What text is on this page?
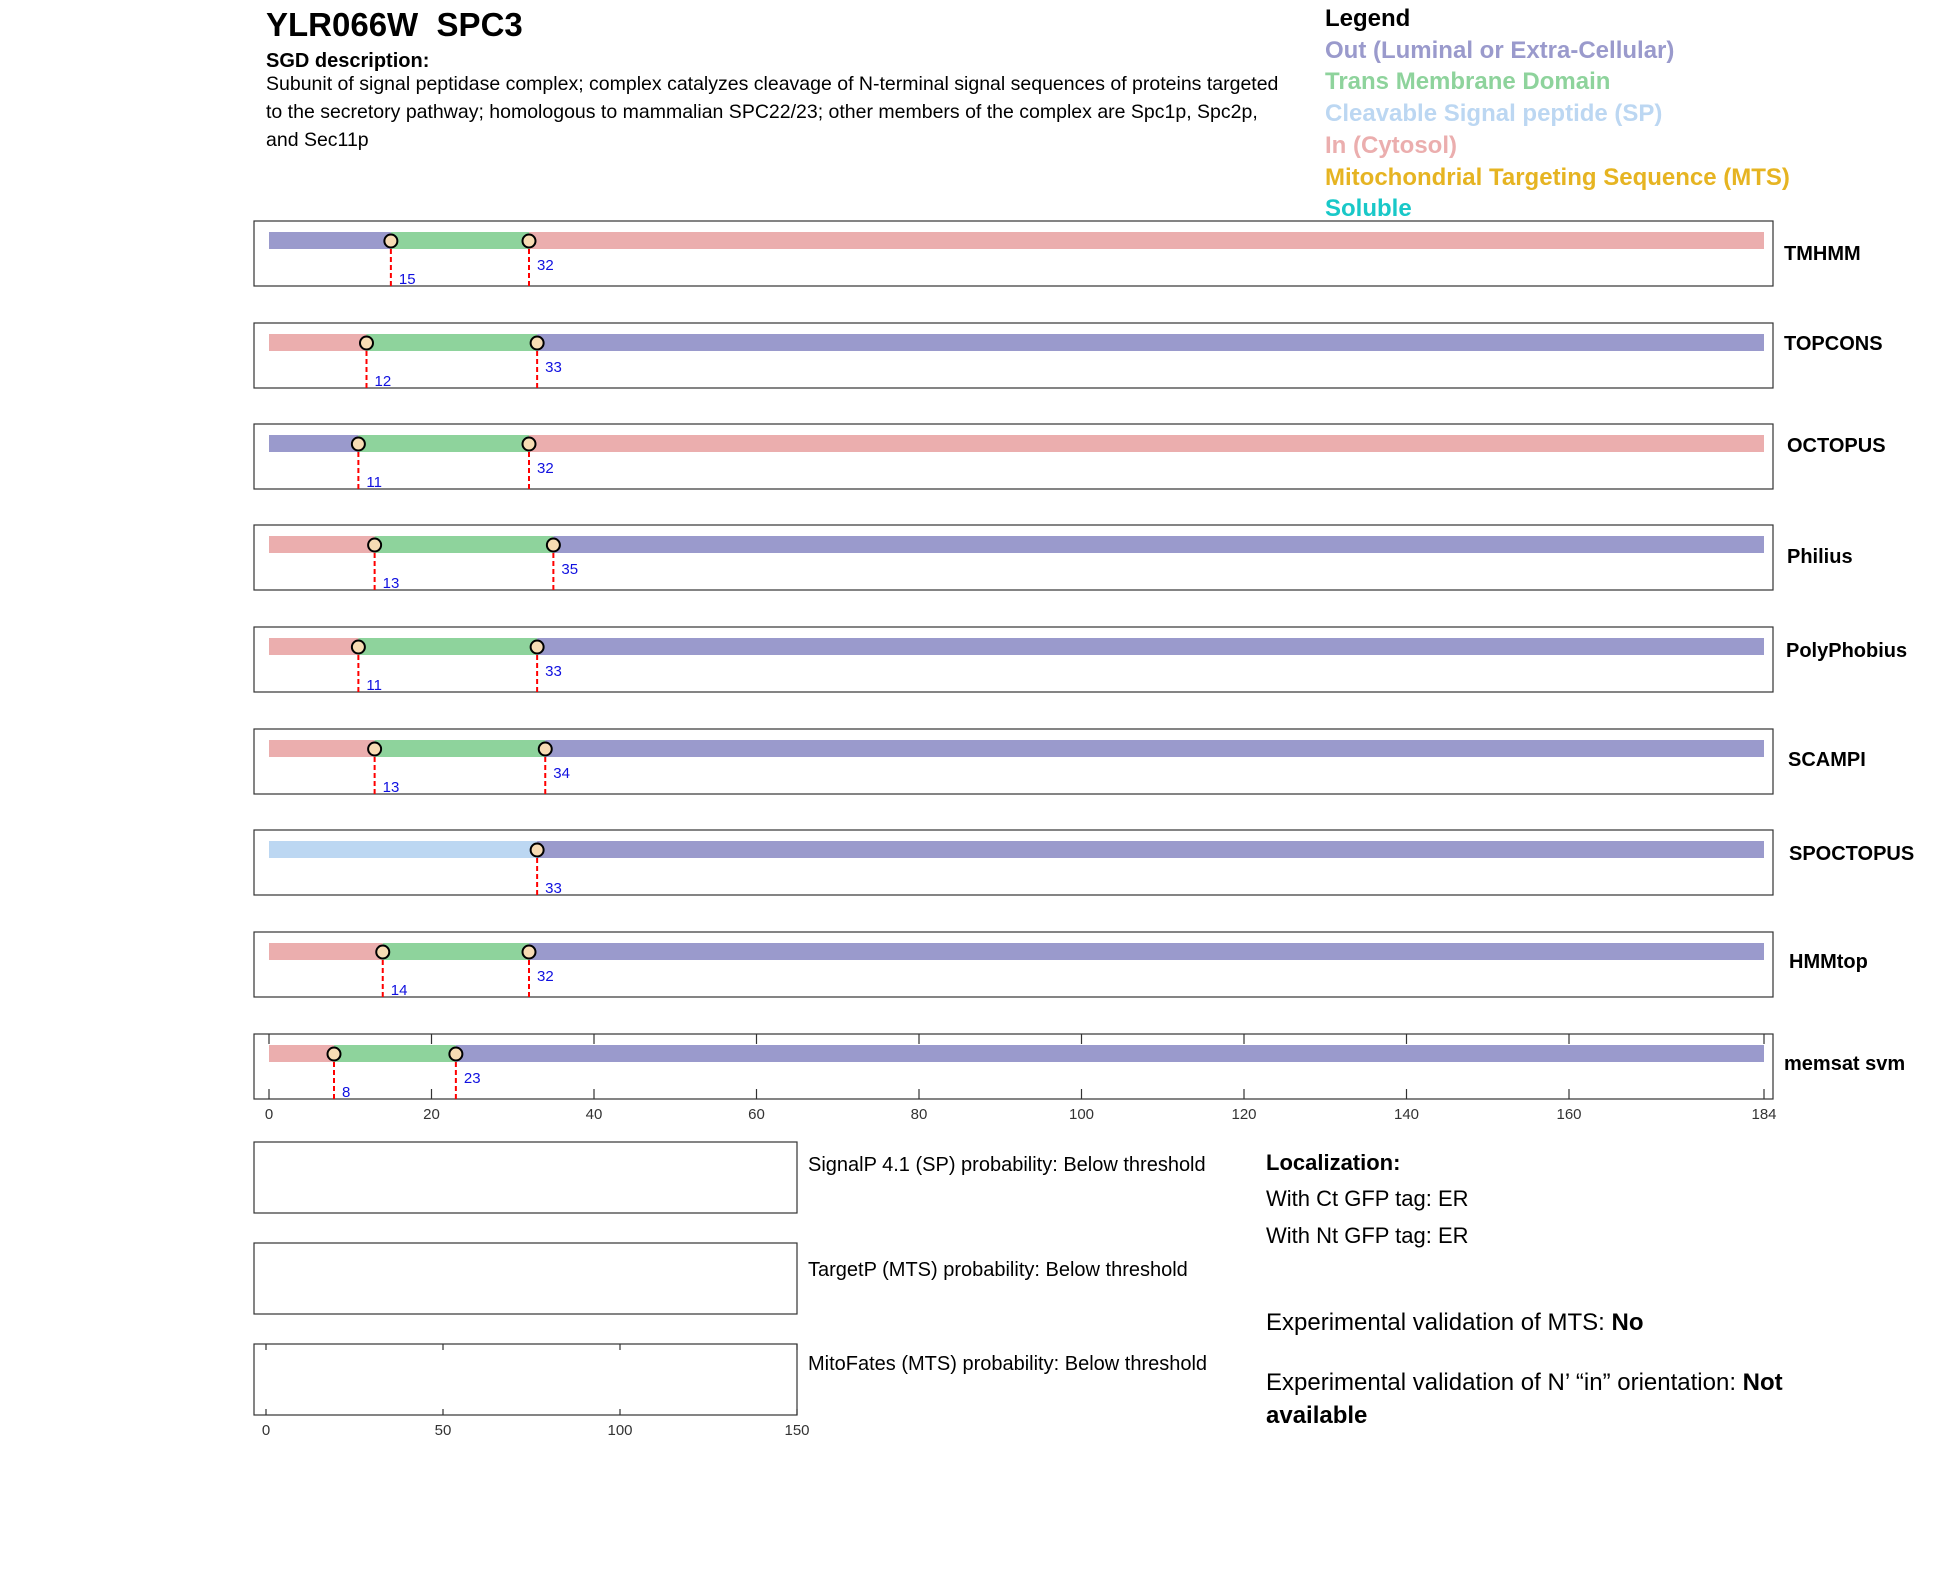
15
32
12
33
11
32
13
35
11
33
13
34
33
14
32
8
23
0	20	40	60	80	100	120	140	160	184
0	50	100	150
YLR066W  SPC3
SGD description:
Subunit of signal peptidase complex; complex catalyzes cleavage of N-terminal signal sequences of proteins targeted to the secretory pathway; homologous to mammalian SPC22/23; other members of the complex are Spc1p, Spc2p, and Sec11p
Legend
Out (Luminal or Extra-Cellular)
Trans Membrane Domain
Cleavable Signal peptide (SP)
In (Cytosol)
Mitochondrial Targeting Sequence (MTS)
Soluble
TMHMM
TOPCONS
OCTOPUS
Philius
PolyPhobius
SCAMPI
SPOCTOPUS
HMMtop
memsat svm
SignalP 4.1 (SP) probability: Below threshold
TargetP (MTS) probability: Below threshold
MitoFates (MTS) probability: Below threshold
Localization:
With Ct GFP tag: ER
With Nt GFP tag: ER
Experimental validation of MTS: No
Experimental validation of N’ “in” orientation: Not available
